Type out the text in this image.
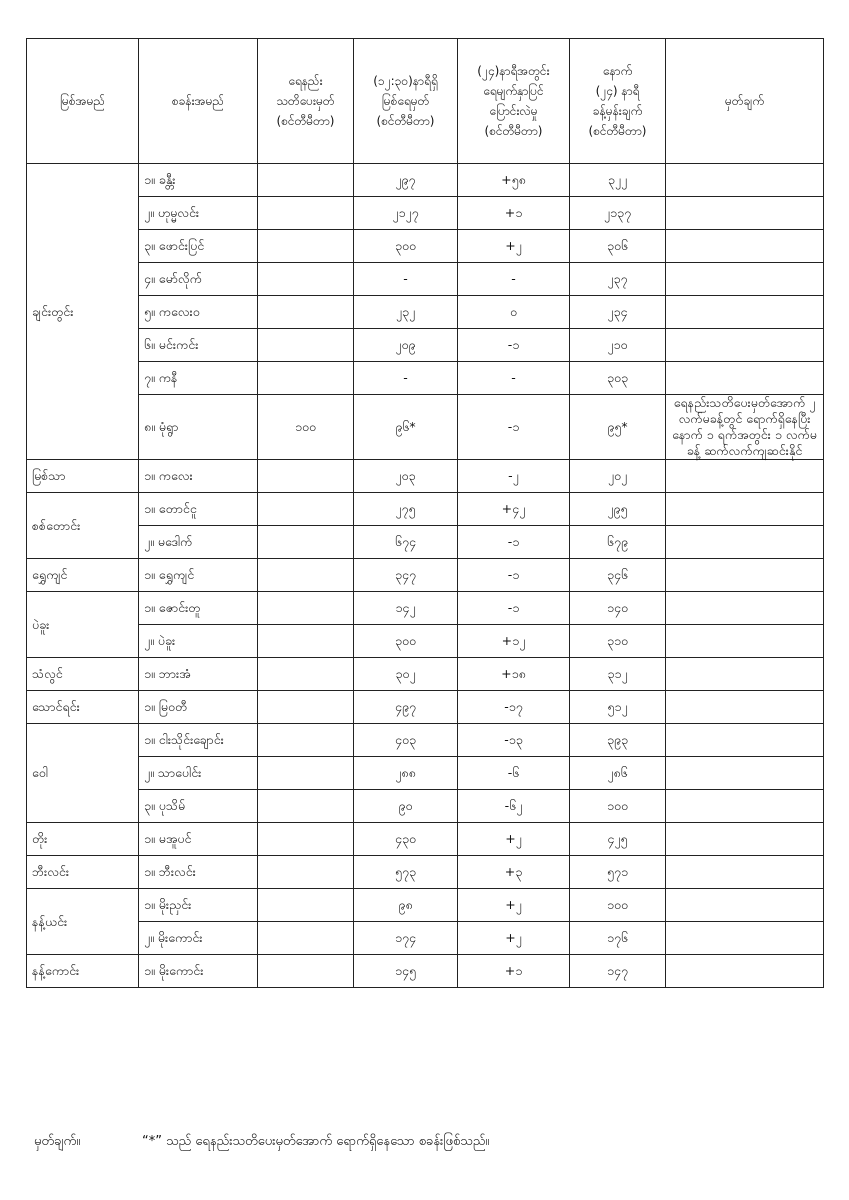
မြစ်အမည်	စခန်းအမည်	ရေနည်း
သတိပေးမှတ်
(စင်တီမီတာ)	(၁၂:၃၀)နာရီရှိ
မြစ်ရေမှတ်
(စင်တီမီတာ)	(၂၄)နာရီအတွင်း
ရေမျက်နှာပြင်
ပြောင်းလဲမှု
(စင်တီမီတာ)	နောက်
(၂၄) နာရီ
ခန့်မှန်းချက်
(စင်တီမီတာ)	မှတ်ချက်
ချင်းတွင်း	၁။ ခန္တီး		၂၉၇	+၅၈	၃၂၂	
	၂။ ဟုမ္မလင်း		၂၁၂၇	+၁	၂၁၃၇	
	၃။ ဖောင်းပြင်		၃၀၀	+၂	၃၀၆	
	၄။ မော်လိုက်		-	-	၂၃၇	
	၅။ ကလေးဝ		၂၃၂	၀	၂၃၄	
	၆။ မင်းကင်း		၂၀၉	-၁	၂၁၀	
	၇။ ကနီ		-	-	၃၀၃	
	၈။ မုံရွာ	၁၀၀	၉၆*	-၁	၉၅*	ရေနည်းသတိပေးမှတ်အောက် ၂ လက်မခန့်တွင် ရောက်ရှိနေပြီး နောက် ၁ ရက်အတွင်း ၁ လက်မခန့် ဆက်လက်ကျဆင်းနိုင်
မြစ်သာ	၁။ ကလေး		၂၀၃	-၂	၂၀၂	
စစ်တောင်း	၁။ တောင်ငူ		၂၇၅	+၄၂	၂၉၅	
	၂။ မဒေါက်		၆၇၄	-၁	၆၇၉	
ရွှေကျင်	၁။ ရွှေကျင်		၃၄၇	-၁	၃၄၆	
ပဲခူး	၁။ ဇောင်းတူ		၁၄၂	-၁	၁၄၀	
	၂။ ပဲခူး		၃၀၀	+၁၂	၃၁၀	
သံလွင်	၁။ ဘားအံ		၃၀၂	+၁၈	၃၁၂	
သောင်ရင်း	၁။ မြဝတီ		၄၉၇	-၁၇	၅၁၂	
ဝေါ	၁။ ငါးသိုင်းချောင်း		၄၀၃	-၁၃	၃၉၃	
	၂။ သာပေါင်း		၂၈၈	-၆	၂၈၆	
	၃။ ပုသိမ်		၉၀	-၆၂	၁၀၀	
တိုး	၁။ မအူပင်		၄၃၀	+၂	၄၂၅	
ဘီးလင်း	၁။ ဘီးလင်း		၅၇၃	+၃	၅၇၁	
နန့်ယင်း	၁။ မိုးညှင်း		၉၈	+၂	၁၀၀	
	၂။ မိုးကောင်း		၁၇၄	+၂	၁၇၆	
နန့်ကောင်း	၁။ မိုးကောင်း		၁၄၅	+၁	၁၄၇	
မှတ်ချက်။	“*” သည် ရေနည်းသတိပေးမှတ်အောက် ရောက်ရှိနေသော စခန်းဖြစ်သည်။
